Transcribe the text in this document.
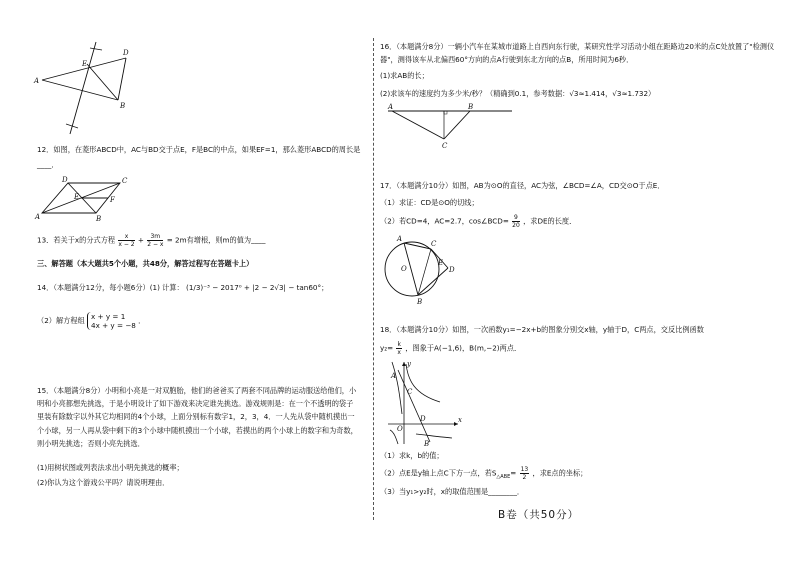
A
B
D
E
12．如图，在菱形ABCD中，AC与BD交于点E，F是BC的中点，如果EF=1，那么菱形ABCD的周长是
____．
A	B
C
D
E	F
13．若关于x的分式方程 $\frac{x}{x - 2} + \frac{3m}{2 - x} = 2m$有增根，则m的值为____
三、解答题（本大题共5个小题，共48分，解答过程写在答题卡上）
14．（本题满分12分，每小题6分）(1) 计算： (1/3)⁻³ − 2017⁰ + |2 − 2√3| − tan60°；
（2）解方程组 x + y = 1
4x + y = −8
．
15．（本题满分8分）小明和小亮是一对双胞胎，他们的爸爸买了两套不同品牌的运动服送给他们，小明和小亮都想先挑选，于是小明设计了如下游戏来决定谁先挑选。游戏规则是：在一个不透明的袋子里装有除数字以外其它均相同的4个小球，上面分别标有数字1，2，3，4．一人先从袋中随机摸出一个小球，另一人再从袋中剩下的3个小球中随机摸出一个小球，若摸出的两个小球上的数字和为奇数，则小明先挑选；否则小亮先挑选．
(1)用树状图或列表法求出小明先挑选的概率；
(2)你认为这个游戏公平吗？请说明理由．
16．（本题满分8分）一辆小汽车在某城市道路上自西向东行驶，某研究性学习活动小组在距路边20米的点C处放置了"检测仪器"，测得该车从北偏西60°方向的点A行驶到东北方向的点B，所用时间为6秒．
(1)求AB的长；
(2)求该车的速度约为多少米/秒？（精确到0.1，参考数据：√3≈1.414，√3≈1.732）
A	B
C
17．（本题满分10分）如图，AB为⊙O的直径，AC为弦，∠BCD=∠A，CD交⊙O于点E．
（1）求证：CD是⊙O的切线；
（2）若CD=4，AC=2.7，cos∠BCD= $\frac{9}{20}$ ，求DE的长度．
A
B
C
D
E
O
18．（本题满分10分）如图，一次函数y₁=−2x+b的图象分别交x轴，y轴于D，C两点，交反比例函数
$y_2= \frac{k}{x}$ ，图象于A(−1,6)，B(m,−2)两点．
x
y
O
A
B
C
D
（1）求k，b的值；
（2）点E是y轴上点C下方一点，若$S_{\triangle ABE}= \frac{13}{2}$ ，求E点的坐标；
（3）当y₁>y₂时，x的取值范围是________．
B卷（共50分）
